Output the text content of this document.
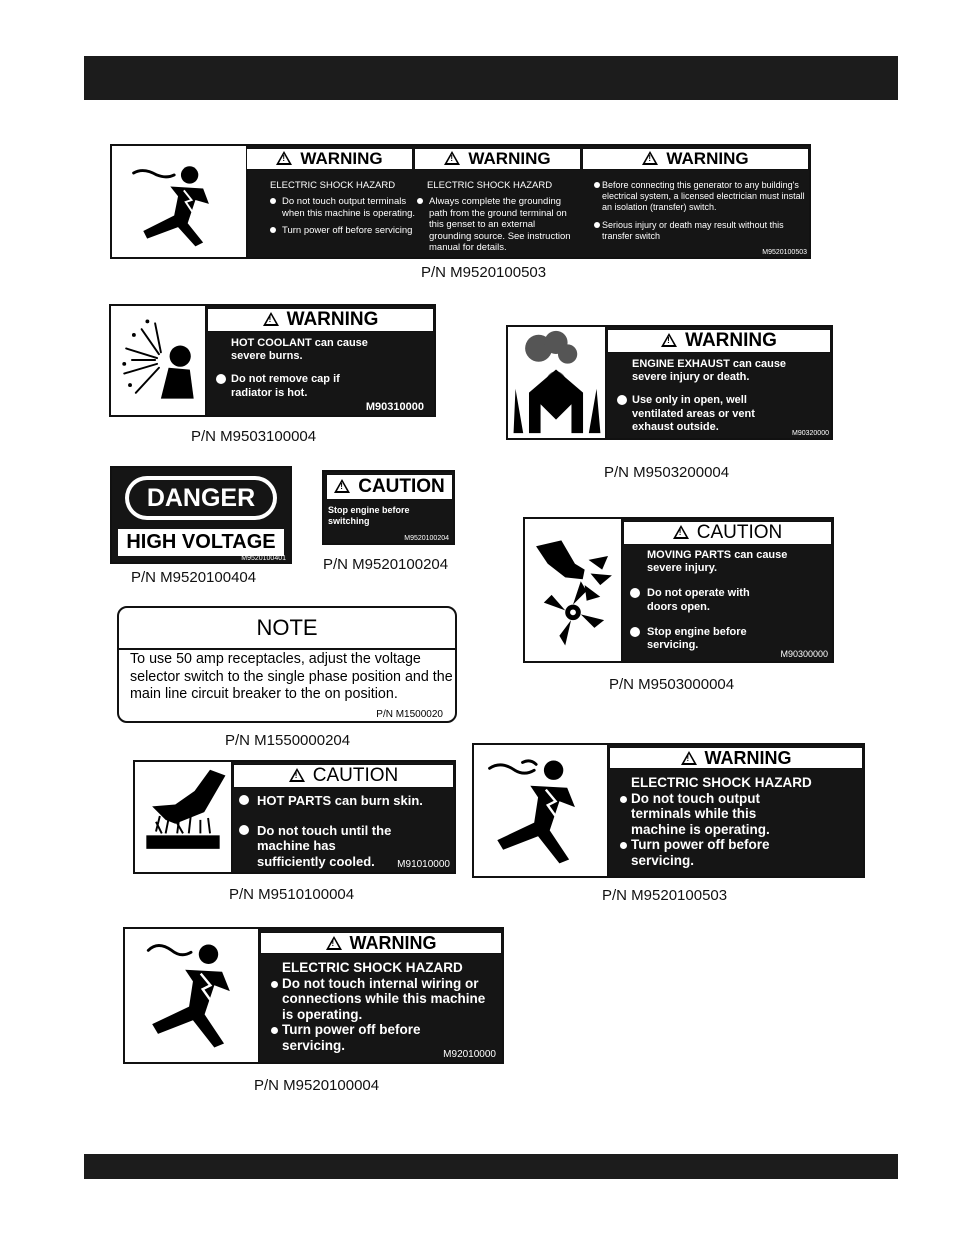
!WARNING !	WARNING !	WARNING
ELECTRIC SHOCK HAZARD
Do not touch output terminals when this machine is operating.
Turn power off before servicing
ELECTRIC SHOCK HAZARD
Always complete the grounding path from the ground terminal on this genset to an external grounding source. See instruction manual for details.
Before connecting this generator to any building's electrical system, a licensed electrician must install an isolation (transfer) switch.
Serious injury or death may result without this transfer switch
M9520100503
P/N M9520100503
!WARNING
HOT COOLANT can cause severe burns.
Do not remove cap if radiator is hot.
M90310000
P/N M9503100004
!WARNING
ENGINE EXHAUST can cause severe injury or death.
Use only in open, well ventilated areas or vent exhaust outside.
M90320000
P/N M9503200004
DANGER
HIGH VOLTAGE
M9520100401
P/N M9520100404
!CAUTION
Stop engine before switching
M9520100204
P/N M9520100204
!CAUTION
MOVING PARTS can cause severe injury.
Do not operate with doors open.
Stop engine before servicing.
M90300000
P/N M9503000004
NOTE
To use 50 amp receptacles, adjust the voltage selector switch to the single phase position and the main line circuit breaker to the on position.
P/N M1500020
P/N M1550000204
!CAUTION
HOT PARTS can burn skin.
Do not touch until the machine has sufficiently cooled.	M91010000
P/N M9510100004
!WARNING
ELECTRIC SHOCK HAZARD
Do not touch output terminals while this machine is operating.
Turn power off before servicing.
P/N M9520100503
!WARNING
ELECTRIC SHOCK HAZARD
Do not touch internal wiring or connections while this machine is operating.
Turn power off before servicing.
M92010000
P/N M9520100004
